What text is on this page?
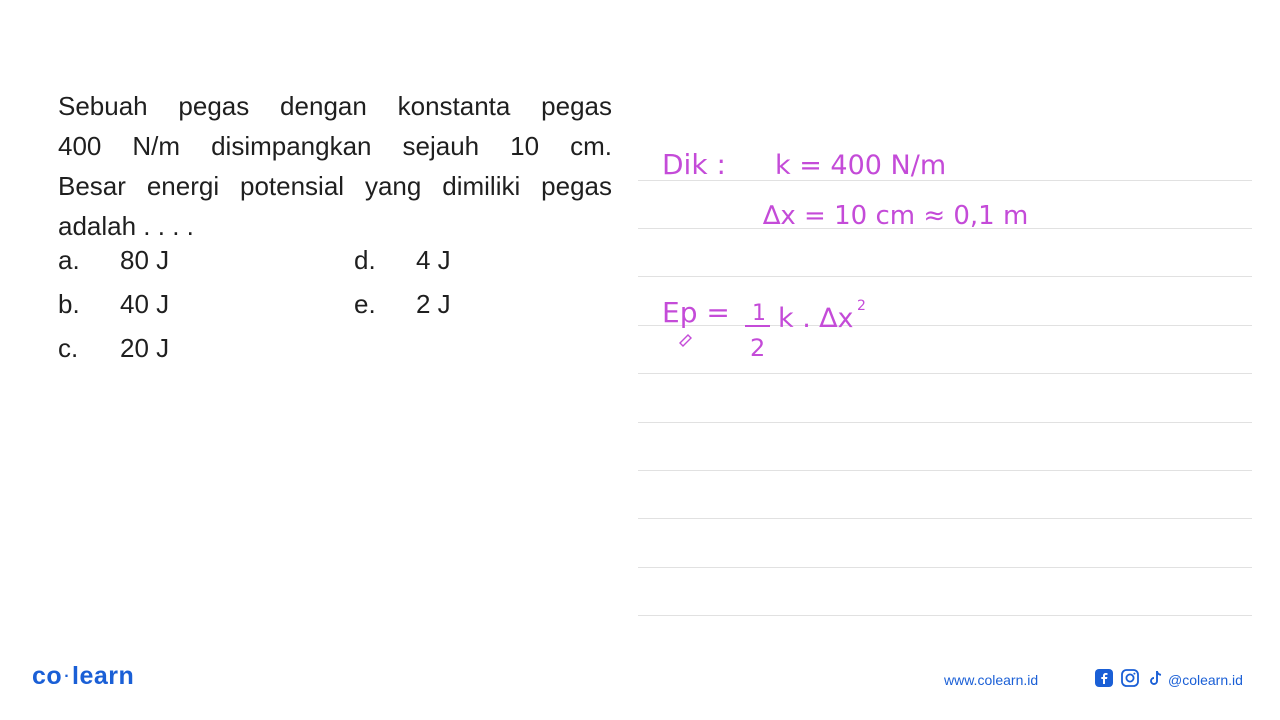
Sebuah pegas dengan konstanta pegas
400 N/m disimpangkan sejauh 10 cm.
Besar energi potensial yang dimiliki pegas
adalah . . . .
a. 80 J
b. 40 J
c. 20 J
d. 4 J
e. 2 J
Dik : k = 400 N/m
∆x = 10 cm ≈ 0,1 m
Ep = 1
2
k . ∆x 2
co ·learn	www.colearn.id	@colearn.id
